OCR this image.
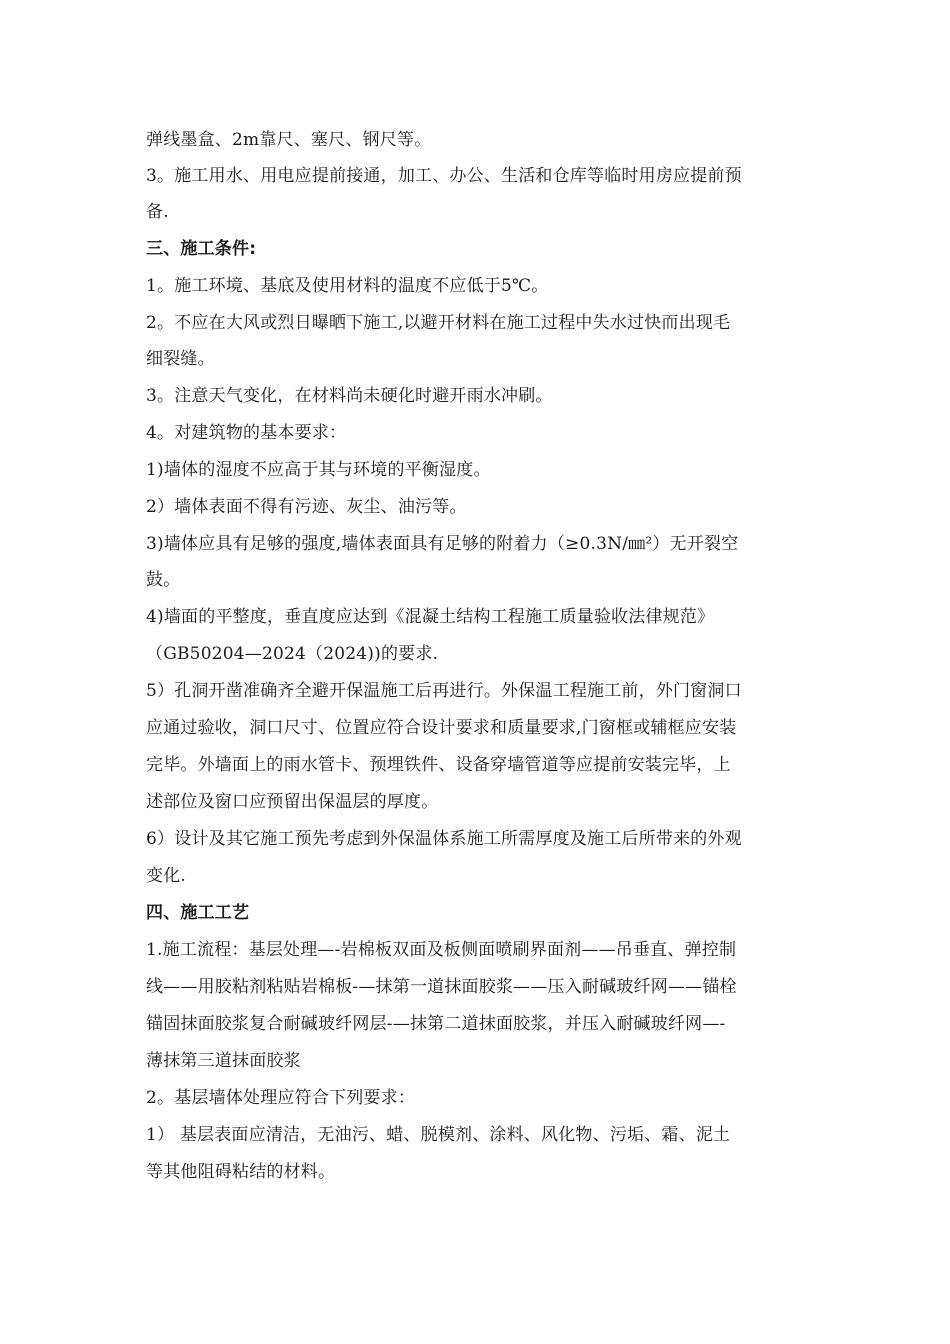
弹线墨盒、2m靠尺、塞尺、钢尺等。
3。施工用水、用电应提前接通，加工、办公、生活和仓库等临时用房应提前预
备.
三、施工条件:
1。施工环境、基底及使用材料的温度不应低于5℃。
2。不应在大风或烈日曝晒下施工,以避开材料在施工过程中失水过快而出现毛
细裂缝。
3。注意天气变化，在材料尚未硬化时避开雨水冲刷。
4。对建筑物的基本要求：
1)墙体的湿度不应高于其与环境的平衡湿度。
2）墙体表面不得有污迹、灰尘、油污等。
3)墙体应具有足够的强度,墙体表面具有足够的附着力（≥0.3N/㎜²）无开裂空
鼓。
4)墙面的平整度，垂直度应达到《混凝土结构工程施工质量验收法律规范》
（GB50204—2024（2024))的要求.
5）孔洞开凿准确齐全避开保温施工后再进行。外保温工程施工前，外门窗洞口
应通过验收，洞口尺寸、位置应符合设计要求和质量要求,门窗框或辅框应安装
完毕。外墙面上的雨水管卡、预埋铁件、设备穿墙管道等应提前安装完毕，上
述部位及窗口应预留出保温层的厚度。
6）设计及其它施工预先考虑到外保温体系施工所需厚度及施工后所带来的外观
变化.
四、施工工艺
1.施工流程：基层处理—-岩棉板双面及板侧面喷刷界面剂——吊垂直、弹控制
线——用胶粘剂粘贴岩棉板-—抹第一道抹面胶浆——压入耐碱玻纤网——锚栓
锚固抹面胶浆复合耐碱玻纤网层-—抹第二道抹面胶浆，并压入耐碱玻纤网—-
薄抹第三道抹面胶浆
2。基层墙体处理应符合下列要求：
1） 基层表面应清洁，无油污、蜡、脱模剂、涂料、风化物、污垢、霜、泥土
等其他阻碍粘结的材料。
